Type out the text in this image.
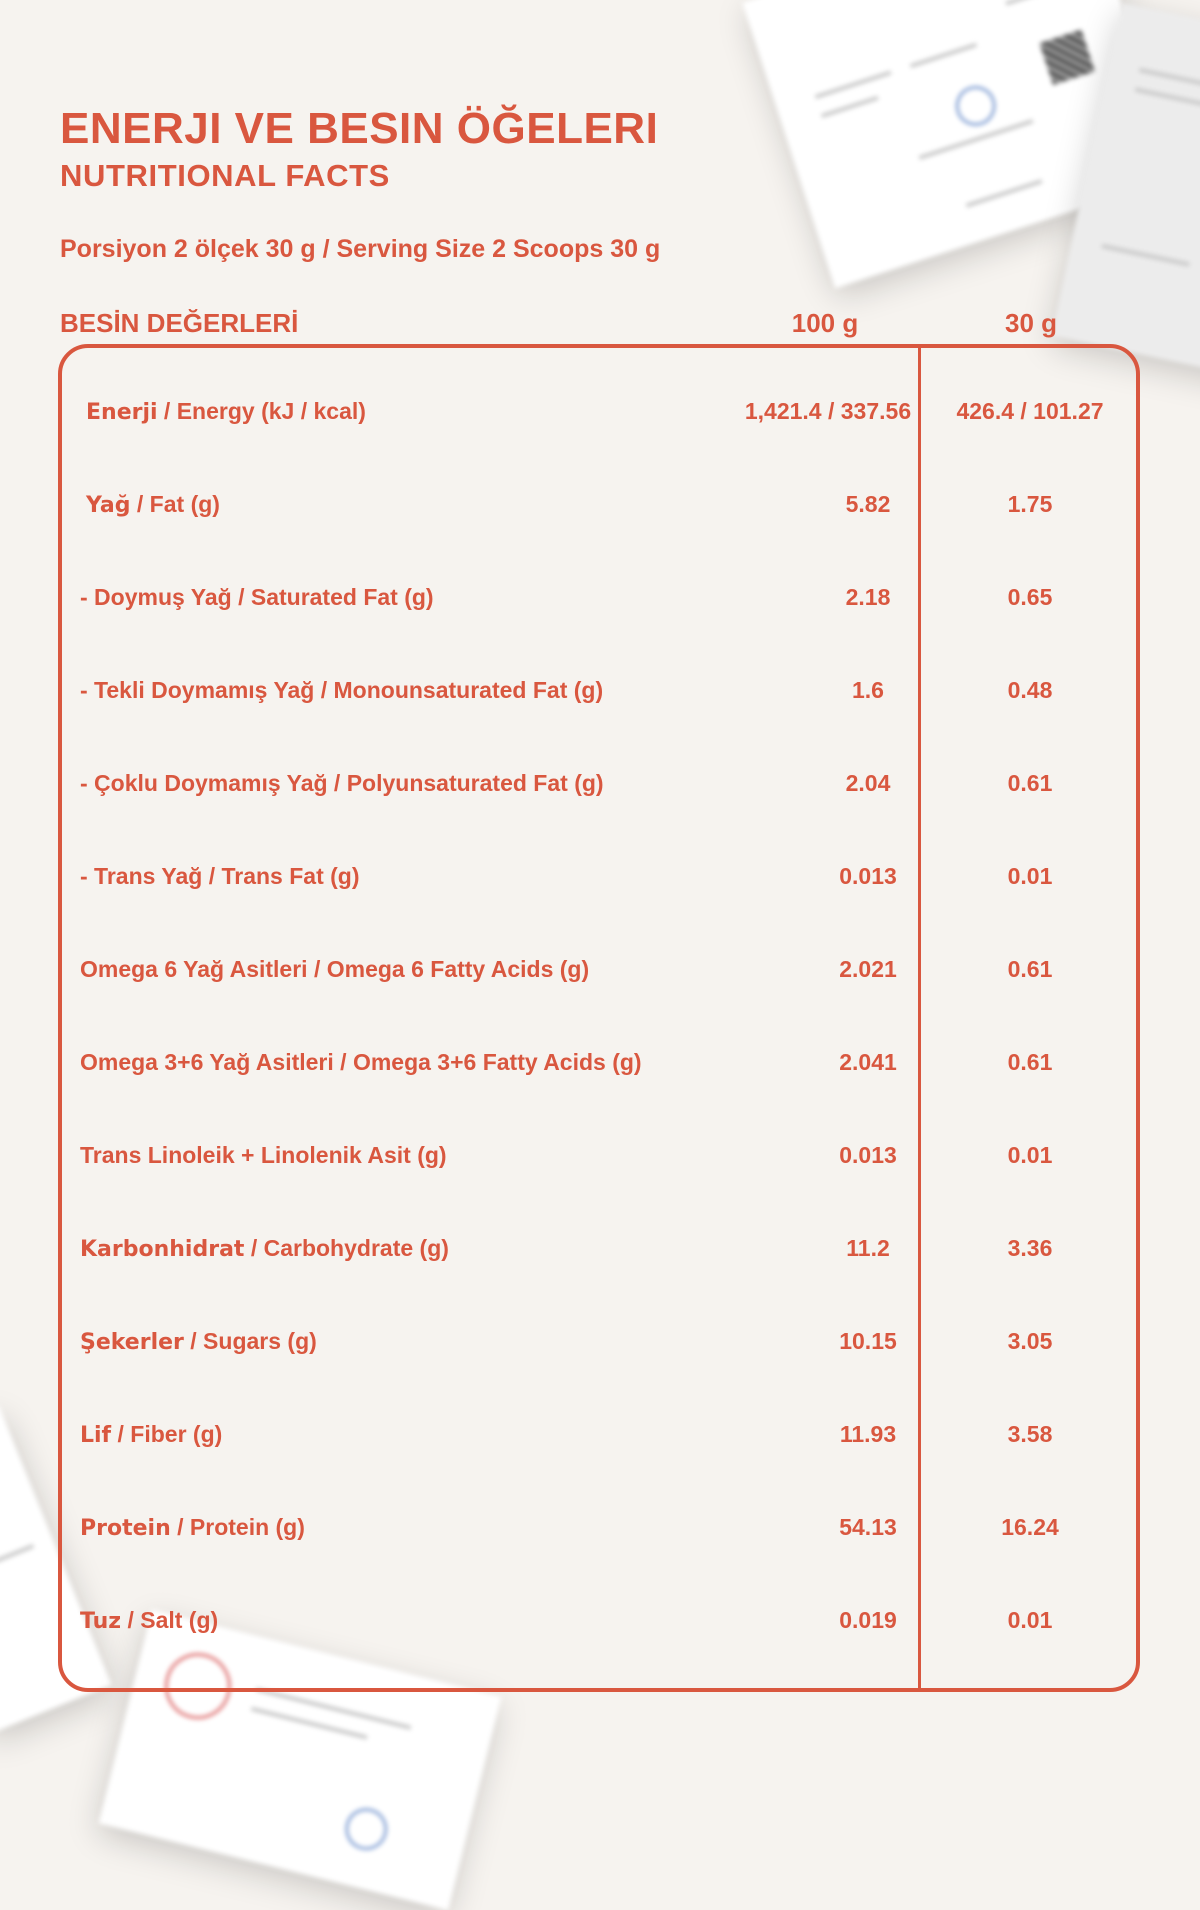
ENERJI VE BESIN ÖĞELERI
NUTRITIONAL FACTS

Porsiyon 2 ölçek 30 g / Serving Size 2 Scoops 30 g

BESİN DEĞERLERİ	100 g	30 g
Enerji / Energy (kJ / kcal)	1,421.4 / 337.56	426.4 / 101.27
Yağ / Fat (g)	5.82	1.75
- Doymuş Yağ / Saturated Fat (g)	2.18	0.65
- Tekli Doymamış Yağ / Monounsaturated Fat (g)	1.6	0.48
- Çoklu Doymamış Yağ / Polyunsaturated Fat (g)	2.04	0.61
- Trans Yağ / Trans Fat (g)	0.013	0.01
Omega 6 Yağ Asitleri / Omega 6 Fatty Acids (g)	2.021	0.61
Omega 3+6 Yağ Asitleri / Omega 3+6 Fatty Acids (g)	2.041	0.61
Trans Linoleik + Linolenik Asit (g)	0.013	0.01
Karbonhidrat / Carbohydrate (g)	11.2	3.36
Şekerler / Sugars (g)	10.15	3.05
Lif / Fiber (g)	11.93	3.58
Protein / Protein (g)	54.13	16.24
Tuz / Salt (g)	0.019	0.01
